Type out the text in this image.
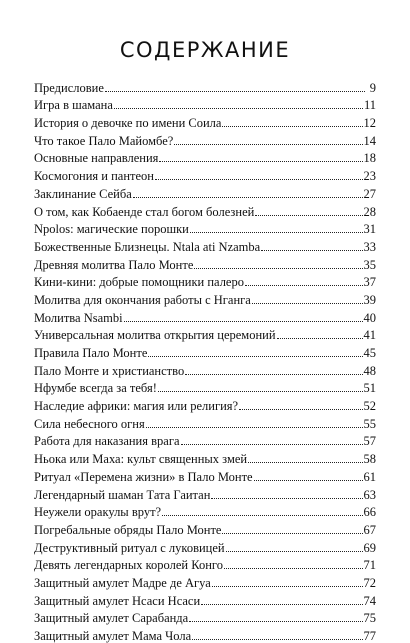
СОДЕРЖАНИЕ
Предисловие	9
Игра в шамана	11
История о девочке по имени Соила	12
Что такое Пало Майомбе?	14
Основные направления	18
Космогония и пантеон	23
Заклинание Сейба	27
О том, как Кобаенде стал богом болезней	28
Npolos: магические порошки	31
Божественные Близнецы. Ntala ati Nzamba	33
Древняя молитва Пало Монте	35
Кини-кини: добрые помощники палеро	37
Молитва для окончания работы с Нганга	39
Молитва Nsambi	40
Универсальная молитва открытия церемоний	41
Правила Пало Монте	45
Пало Монте и христианство	48
Нфумбе всегда за тебя!	51
Наследие африки: магия или религия?	52
Сила небесного огня	55
Работа для наказания врага	57
Ньока или Маха: культ священных змей	58
Ритуал «Перемена жизни» в Пало Монте	61
Легендарный шаман Тата Гаитан	63
Неужели оракулы врут?	66
Погребальные обряды Пало Монте	67
Деструктивный ритуал с луковицей	69
Девять легендарных королей Конго	71
Защитный амулет Мадре де Агуа	72
Защитный амулет Нсаси Нсаси	74
Защитный амулет Сарабанда	75
Защитный амулет Мама Чола	77
